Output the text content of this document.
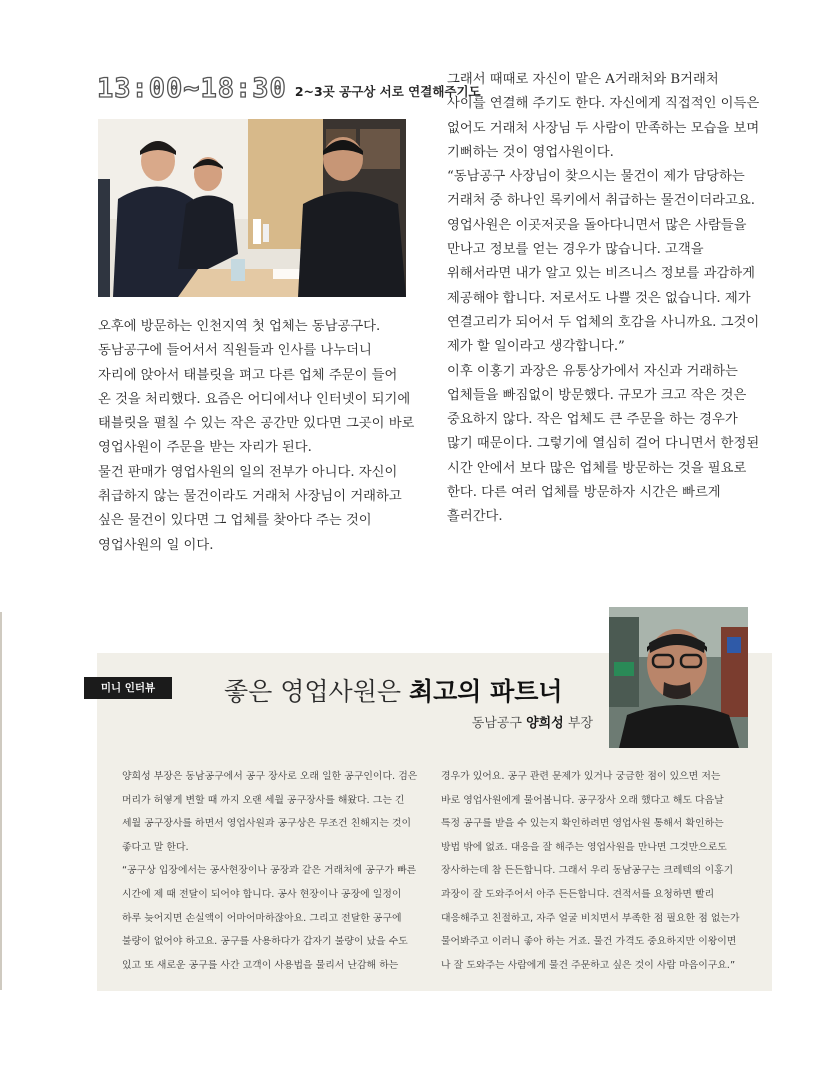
13:00~18:30 2~3곳 공구상 서로 연결해주기도

오후에 방문하는 인천지역 첫 업체는 동남공구다.

동남공구에 들어서서 직원들과 인사를 나누더니

자리에 앉아서 태블릿을 펴고 다른 업체 주문이 들어

온 것을 처리했다. 요즘은 어디에서나 인터넷이 되기에

태블릿을 펼칠 수 있는 작은 공간만 있다면 그곳이 바로

영업사원이 주문을 받는 자리가 된다.

물건 판매가 영업사원의 일의 전부가 아니다. 자신이

취급하지 않는 물건이라도 거래처 사장님이 거래하고

싶은 물건이 있다면 그 업체를 찾아다 주는 것이

영업사원의 일 이다.

그래서 때때로 자신이 맡은 A거래처와 B거래처

사이를 연결해 주기도 한다. 자신에게 직접적인 이득은

없어도 거래처 사장님 두 사람이 만족하는 모습을 보며

기뻐하는 것이 영업사원이다.

“동남공구 사장님이 찾으시는 물건이 제가 담당하는

거래처 중 하나인 록키에서 취급하는 물건이더라고요.

영업사원은 이곳저곳을 돌아다니면서 많은 사람들을

만나고 정보를 얻는 경우가 많습니다. 고객을

위해서라면 내가 알고 있는 비즈니스 정보를 과감하게

제공해야 합니다. 저로서도 나쁠 것은 없습니다. 제가

연결고리가 되어서 두 업체의 호감을 사니까요. 그것이

제가 할 일이라고 생각합니다.”

이후 이홍기 과장은 유통상가에서 자신과 거래하는

업체들을 빠짐없이 방문했다. 규모가 크고 작은 것은

중요하지 않다. 작은 업체도 큰 주문을 하는 경우가

많기 때문이다. 그렇기에 열심히 걸어 다니면서 한정된

시간 안에서 보다 많은 업체를 방문하는 것을 필요로

한다. 다른 여러 업체를 방문하자 시간은 빠르게

흘러간다.

미니 인터뷰	좋은 영업사원은 최고의 파트너
동남공구 양희성 부장

양희성 부장은 동남공구에서 공구 장사로 오래 일한 공구인이다. 검은

머리가 허옇게 변할 때 까지 오랜 세월 공구장사를 해왔다. 그는 긴

세월 공구장사를 하면서 영업사원과 공구상은 무조건 친해지는 것이

좋다고 말 한다.

“공구상 입장에서는 공사현장이나 공장과 같은 거래처에 공구가 빠른

시간에 제 때 전달이 되어야 합니다. 공사 현장이나 공장에 일정이

하루 늦어지면 손실액이 어마어마하잖아요. 그리고 전달한 공구에

불량이 없어야 하고요. 공구를 사용하다가 갑자기 불량이 났을 수도

있고 또 새로운 공구를 사간 고객이 사용법을 물리서 난감해 하는

경우가 있어요. 공구 관련 문제가 있거나 궁금한 점이 있으면 저는

바로 영업사원에게 물어봅니다. 공구장사 오래 했다고 해도 다음날

특정 공구를 받을 수 있는지 확인하려면 영업사원 통해서 확인하는

방법 밖에 없죠. 대응을 잘 해주는 영업사원을 만나면 그것만으로도

장사하는데 참 든든합니다. 그래서 우리 동남공구는 크레텍의 이홍기

과장이 잘 도와주어서 아주 든든합니다. 견적서를 요청하면 빨리

대응해주고 친절하고, 자주 얼굴 비치면서 부족한 점 필요한 점 없는가

물어봐주고 이러니 좋아 하는 거죠. 물건 가격도 중요하지만 이왕이면

나 잘 도와주는 사람에게 물건 주문하고 싶은 것이 사람 마음이구요.”
